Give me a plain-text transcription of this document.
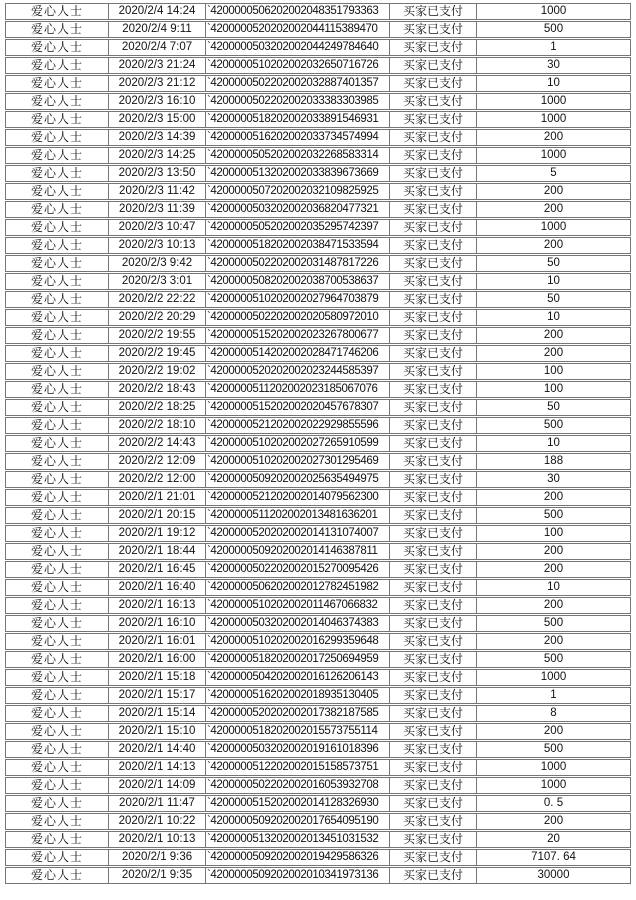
爱心人士	2020/2/4 14:24	`4200000506202002048351793363	买家已支付	1000
爱心人士	2020/2/4 9:11	`4200000520202002044115389470	买家已支付	500
爱心人士	2020/2/4 7:07	`4200000503202002044249784640	买家已支付	1
爱心人士	2020/2/3 21:24	`4200000510202002032650716726	买家已支付	30
爱心人士	2020/2/3 21:12	`4200000502202002032887401357	买家已支付	10
爱心人士	2020/2/3 16:10	`4200000502202002033383303985	买家已支付	1000
爱心人士	2020/2/3 15:00	`4200000518202002033891546931	买家已支付	1000
爱心人士	2020/2/3 14:39	`4200000516202002033734574994	买家已支付	200
爱心人士	2020/2/3 14:25	`4200000505202002032268583314	买家已支付	1000
爱心人士	2020/2/3 13:50	`4200000513202002033839673669	买家已支付	5
爱心人士	2020/2/3 11:42	`4200000507202002032109825925	买家已支付	200
爱心人士	2020/2/3 11:39	`4200000503202002036820477321	买家已支付	200
爱心人士	2020/2/3 10:47	`4200000505202002035295742397	买家已支付	1000
爱心人士	2020/2/3 10:13	`4200000518202002038471533594	买家已支付	200
爱心人士	2020/2/3 9:42	`4200000502202002031487817226	买家已支付	50
爱心人士	2020/2/3 3:01	`4200000508202002038700538637	买家已支付	10
爱心人士	2020/2/2 22:22	`4200000510202002027964703879	买家已支付	50
爱心人士	2020/2/2 20:29	`4200000502202002020580972010	买家已支付	10
爱心人士	2020/2/2 19:55	`4200000515202002023267800677	买家已支付	200
爱心人士	2020/2/2 19:45	`4200000514202002028471746206	买家已支付	200
爱心人士	2020/2/2 19:02	`4200000520202002023244585397	买家已支付	100
爱心人士	2020/2/2 18:43	`4200000511202002023185067076	买家已支付	100
爱心人士	2020/2/2 18:25	`4200000515202002020457678307	买家已支付	50
爱心人士	2020/2/2 18:10	`4200000521202002022929855596	买家已支付	500
爱心人士	2020/2/2 14:43	`4200000510202002027265910599	买家已支付	10
爱心人士	2020/2/2 12:09	`4200000510202002027301295469	买家已支付	188
爱心人士	2020/2/2 12:00	`4200000509202002025635494975	买家已支付	30
爱心人士	2020/2/1 21:01	`4200000521202002014079562300	买家已支付	200
爱心人士	2020/2/1 20:15	`4200000511202002013481636201	买家已支付	500
爱心人士	2020/2/1 19:12	`4200000520202002014131074007	买家已支付	100
爱心人士	2020/2/1 18:44	`4200000509202002014146387811	买家已支付	200
爱心人士	2020/2/1 16:45	`4200000502202002015270095426	买家已支付	200
爱心人士	2020/2/1 16:40	`4200000506202002012782451982	买家已支付	10
爱心人士	2020/2/1 16:13	`4200000510202002011467066832	买家已支付	200
爱心人士	2020/2/1 16:10	`4200000503202002014046374383	买家已支付	500
爱心人士	2020/2/1 16:01	`4200000510202002016299359648	买家已支付	200
爱心人士	2020/2/1 16:00	`4200000518202002017250694959	买家已支付	500
爱心人士	2020/2/1 15:18	`4200000504202002016126206143	买家已支付	1000
爱心人士	2020/2/1 15:17	`4200000516202002018935130405	买家已支付	1
爱心人士	2020/2/1 15:14	`4200000520202002017382187585	买家已支付	8
爱心人士	2020/2/1 15:10	`4200000518202002015573755114	买家已支付	200
爱心人士	2020/2/1 14:40	`4200000503202002019161018396	买家已支付	500
爱心人士	2020/2/1 14:13	`4200000512202002015158573751	买家已支付	1000
爱心人士	2020/2/1 14:09	`4200000502202002016053932708	买家已支付	1000
爱心人士	2020/2/1 11:47	`4200000515202002014128326930	买家已支付	0. 5
爱心人士	2020/2/1 10:22	`4200000509202002017654095190	买家已支付	200
爱心人士	2020/2/1 10:13	`4200000513202002013451031532	买家已支付	20
爱心人士	2020/2/1 9:36	`4200000509202002019429586326	买家已支付	7107. 64
爱心人士	2020/2/1 9:35	`4200000509202002010341973136	买家已支付	30000
